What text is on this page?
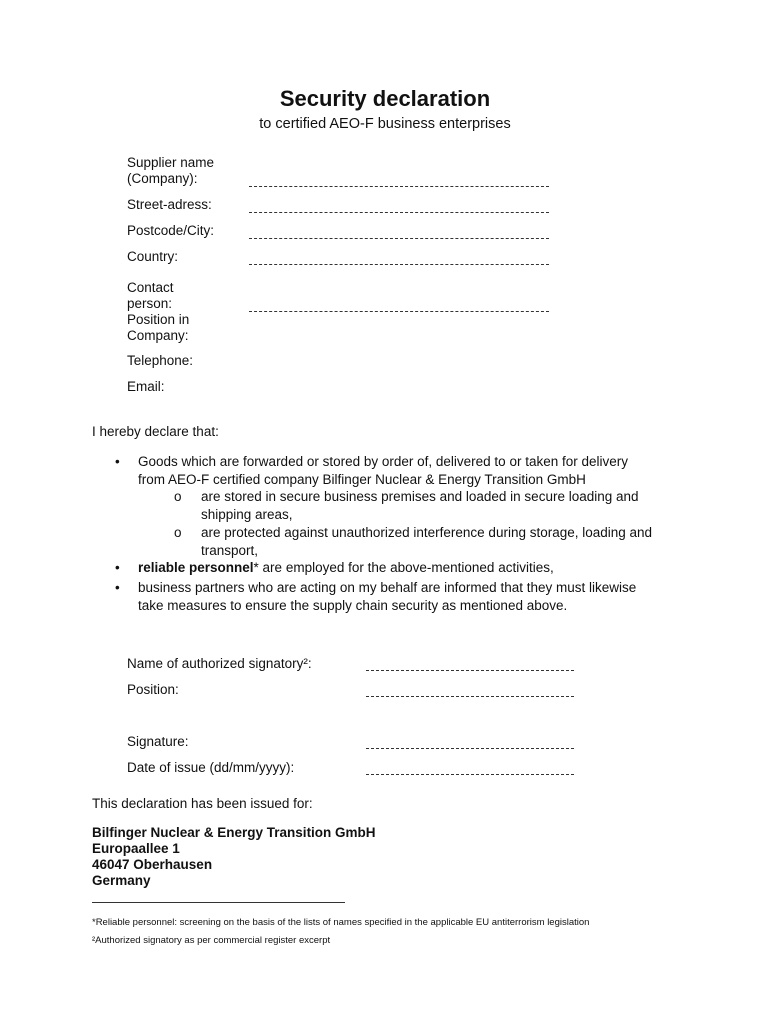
Security declaration
to certified AEO-F business enterprises
Supplier name
(Company):
Street-adress:
Postcode/City:
Country:
Contact
person:
Position in
Company:
Telephone:
Email:
I hereby declare that:
• Goods which are forwarded or stored by order of, delivered to or taken for delivery
from AEO-F certified company Bilfinger Nuclear & Energy Transition GmbH
o are stored in secure business premises and loaded in secure loading and
shipping areas,
o are protected against unauthorized interference during storage, loading and
transport,
• reliable personnel* are employed for the above-mentioned activities,
• business partners who are acting on my behalf are informed that they must likewise
take measures to ensure the supply chain security as mentioned above.
Name of authorized signatory²:
Position:
Signature:
Date of issue (dd/mm/yyyy):
This declaration has been issued for:
Bilfinger Nuclear & Energy Transition GmbH
Europaallee 1
46047 Oberhausen
Germany
*Reliable personnel: screening on the basis of the lists of names specified in the applicable EU antiterrorism legislation
²Authorized signatory as per commercial register excerpt
